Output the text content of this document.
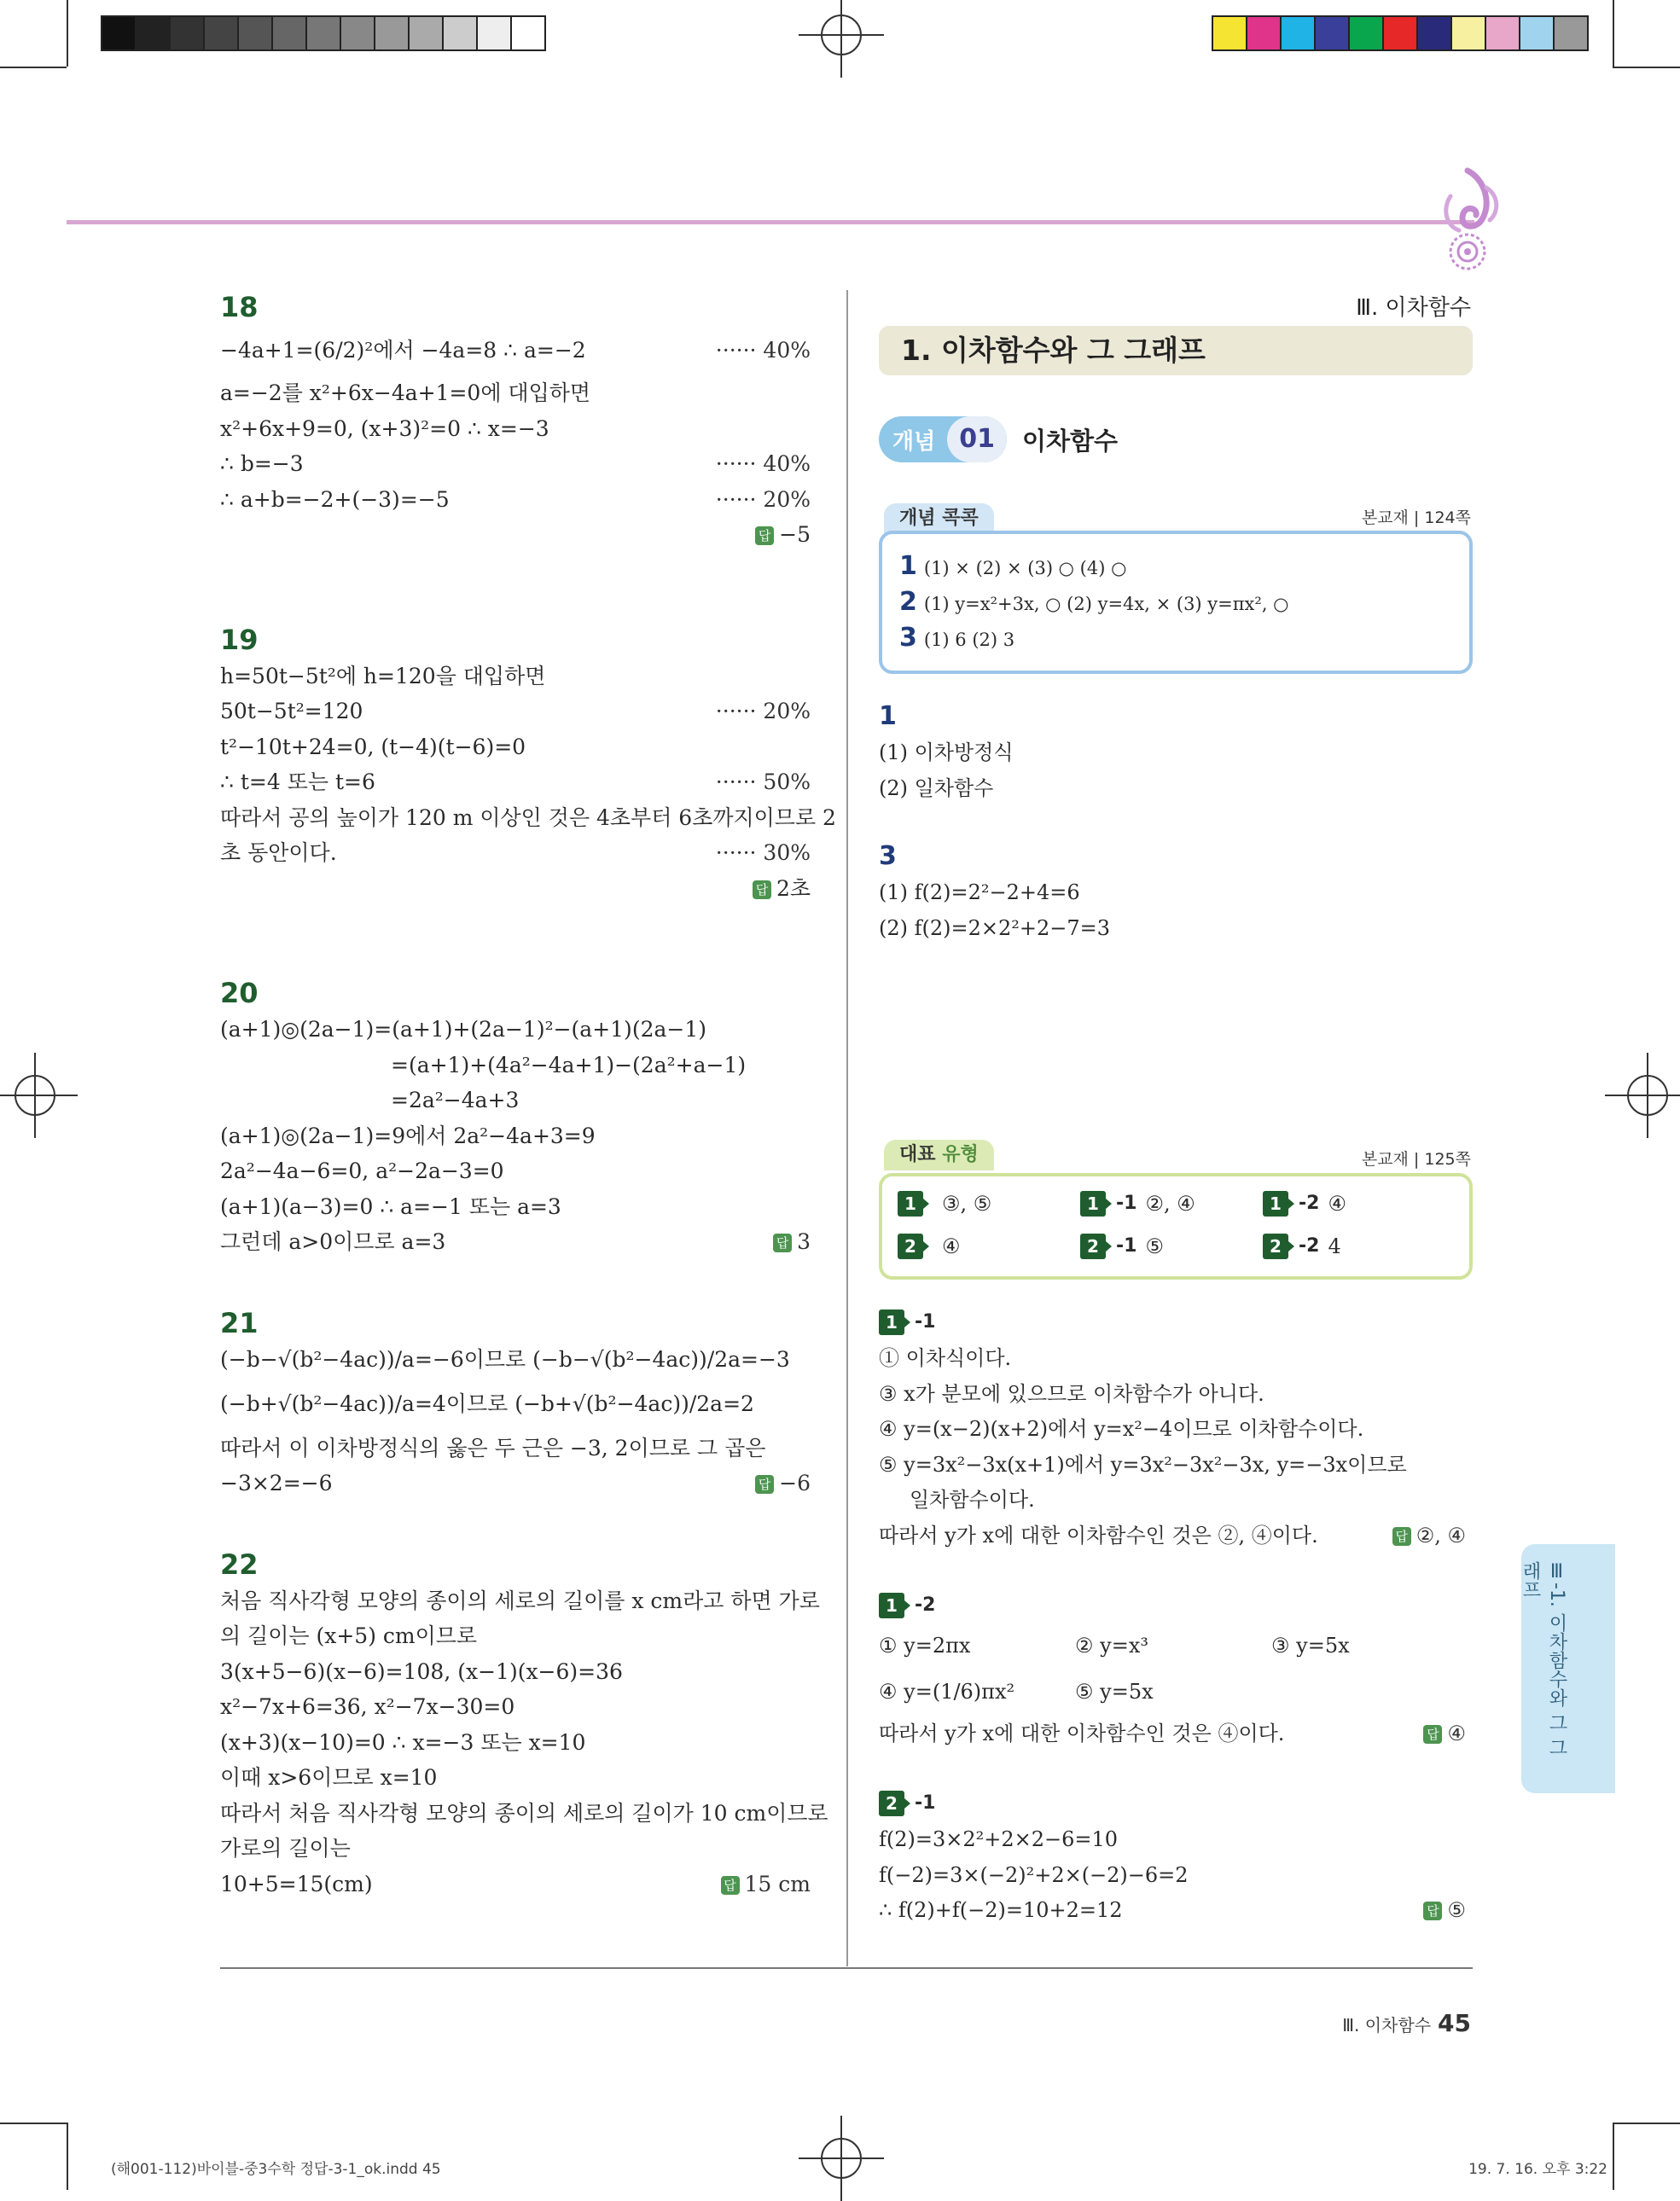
Ⅲ. 이차함수
18
−4a+1=(6/2)²에서 −4a=8 ∴ a=−2	······ 40%
a=−2를 x²+6x−4a+1=0에 대입하면
x²+6x+9=0, (x+3)²=0 ∴ x=−3
∴ b=−3	······ 40%
∴ a+b=−2+(−3)=−5	······ 20%
답 −5
19
h=50t−5t²에 h=120을 대입하면
50t−5t²=120	······ 20%
t²−10t+24=0, (t−4)(t−6)=0
∴ t=4 또는 t=6	······ 50%
따라서 공의 높이가 120 m 이상인 것은 4초부터 6초까지이므로 2
초 동안이다.	······ 30%
답 2초
20
(a+1)◎(2a−1)=(a+1)+(2a−1)²−(a+1)(2a−1)
=(a+1)+(4a²−4a+1)−(2a²+a−1)
=2a²−4a+3
(a+1)◎(2a−1)=9에서 2a²−4a+3=9
2a²−4a−6=0, a²−2a−3=0
(a+1)(a−3)=0 ∴ a=−1 또는 a=3
그런데 a>0이므로 a=3	답 3
21
(−b−√(b²−4ac))/a=−6이므로 (−b−√(b²−4ac))/2a=−3
(−b+√(b²−4ac))/a=4이므로 (−b+√(b²−4ac))/2a=2
따라서 이 이차방정식의 옳은 두 근은 −3, 2이므로 그 곱은
−3×2=−6	답 −6
22
처음 직사각형 모양의 종이의 세로의 길이를 x cm라고 하면 가로
의 길이는 (x+5) cm이므로
3(x+5−6)(x−6)=108, (x−1)(x−6)=36
x²−7x+6=36, x²−7x−30=0
(x+3)(x−10)=0 ∴ x=−3 또는 x=10
이때 x>6이므로 x=10
따라서 처음 직사각형 모양의 종이의 세로의 길이가 10 cm이므로
가로의 길이는
10+5=15(cm)	답 15 cm
1. 이차함수와 그 그래프
개념 01	이차함수
개념 콕콕	본교재 | 124쪽
1 (1) × (2) × (3) ○ (4) ○
2 (1) y=x²+3x, ○ (2) y=4x, × (3) y=πx², ○
3 (1) 6 (2) 3
1
(1) 이차방정식
(2) 일차함수
3
(1) f(2)=2²−2+4=6
(2) f(2)=2×2²+2−7=3
대표 유형	본교재 | 125쪽
1	③, ⑤	1 -1 ②, ④	1 -2 ④
2	④	2 -1 ⑤	2 -2 4
1 -1
① 이차식이다.
③ x가 분모에 있으므로 이차함수가 아니다.
④ y=(x−2)(x+2)에서 y=x²−4이므로 이차함수이다.
⑤ y=3x²−3x(x+1)에서 y=3x²−3x²−3x, y=−3x이므로
일차함수이다.
따라서 y가 x에 대한 이차함수인 것은 ②, ④이다.	답 ②, ④
1 -2
① y=2πx	② y=x³	③ y=5x
④ y=(1/6)πx²	⑤ y=5x
따라서 y가 x에 대한 이차함수인 것은 ④이다.	답 ④
2 -1
f(2)=3×2²+2×2−6=10
f(−2)=3×(−2)²+2×(−2)−6=2
∴ f(2)+f(−2)=10+2=12	답 ⑤
Ⅲ-1. 이차함수와 그 그래프
Ⅲ. 이차함수 45
(해001-112)바이블-중3수학 정답-3-1_ok.indd 45	19. 7. 16. 오후 3:22
